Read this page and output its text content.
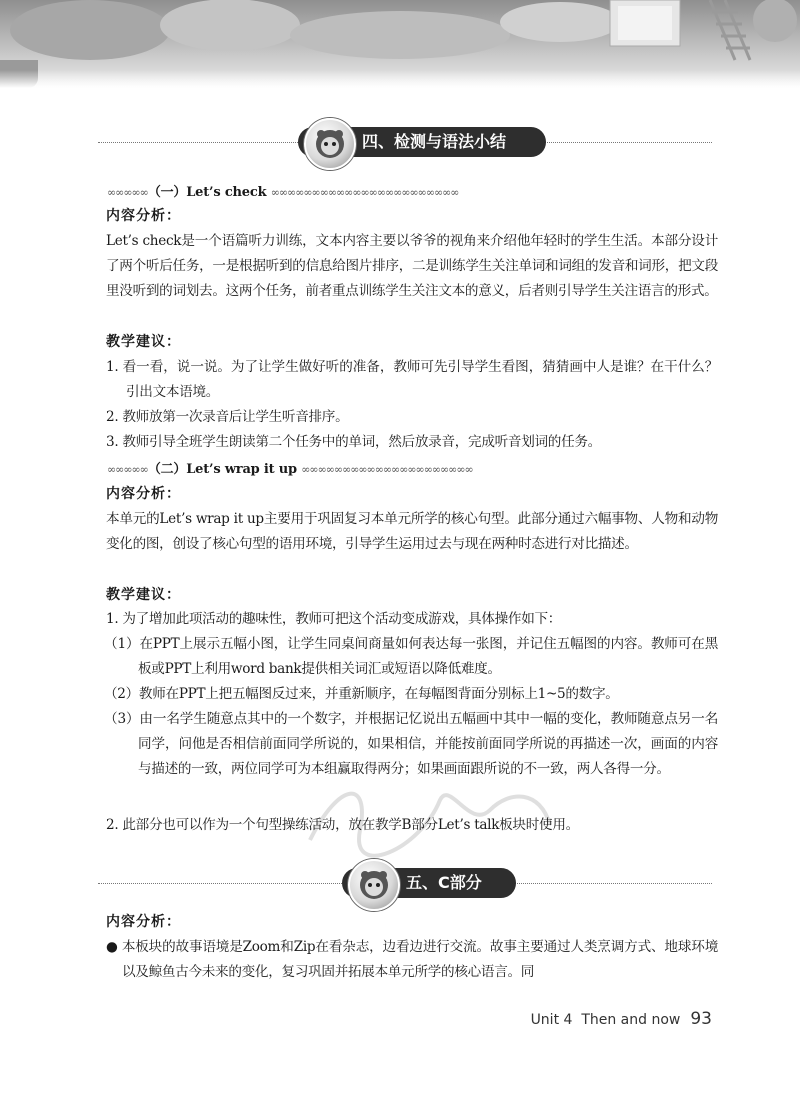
四、检测与语法小结
∞∞∞∞∞（一）Let’s check ∞∞∞∞∞∞∞∞∞∞∞∞∞∞∞∞∞∞∞∞∞∞∞
内容分析：
Let’s check是一个语篇听力训练，文本内容主要以爷爷的视角来介绍他年轻时的学生生活。本部分设计了两个听后任务，一是根据听到的信息给图片排序，二是训练学生关注单词和词组的发音和词形，把文段里没听到的词划去。这两个任务，前者重点训练学生关注文本的意义，后者则引导学生关注语言的形式。
教学建议：
1. 看一看，说一说。为了让学生做好听的准备，教师可先引导学生看图，猜猜画中人是谁？在干什么？引出文本语境。
2. 教师放第一次录音后让学生听音排序。
3. 教师引导全班学生朗读第二个任务中的单词，然后放录音，完成听音划词的任务。
∞∞∞∞∞（二）Let’s wrap it up ∞∞∞∞∞∞∞∞∞∞∞∞∞∞∞∞∞∞∞∞∞
内容分析：
本单元的Let’s wrap it up主要用于巩固复习本单元所学的核心句型。此部分通过六幅事物、人物和动物变化的图，创设了核心句型的语用环境，引导学生运用过去与现在两种时态进行对比描述。
教学建议：
1. 为了增加此项活动的趣味性，教师可把这个活动变成游戏，具体操作如下：
（1）在PPT上展示五幅小图，让学生同桌间商量如何表达每一张图，并记住五幅图的内容。教师可在黑板或PPT上利用word bank提供相关词汇或短语以降低难度。
（2）教师在PPT上把五幅图反过来，并重新顺序，在每幅图背面分别标上1~5的数字。
（3）由一名学生随意点其中的一个数字，并根据记忆说出五幅画中其中一幅的变化，教师随意点另一名同学，问他是否相信前面同学所说的，如果相信，并能按前面同学所说的再描述一次，画面的内容与描述的一致，两位同学可为本组赢取得两分；如果画面跟所说的不一致，两人各得一分。
2. 此部分也可以作为一个句型操练活动，放在教学B部分Let’s talk板块时使用。
五、C部分
内容分析：
● 本板块的故事语境是Zoom和Zip在看杂志，边看边进行交流。故事主要通过人类烹调方式、地球环境以及鲸鱼古今未来的变化，复习巩固并拓展本单元所学的核心语言。同
Unit 4  Then and now 93
